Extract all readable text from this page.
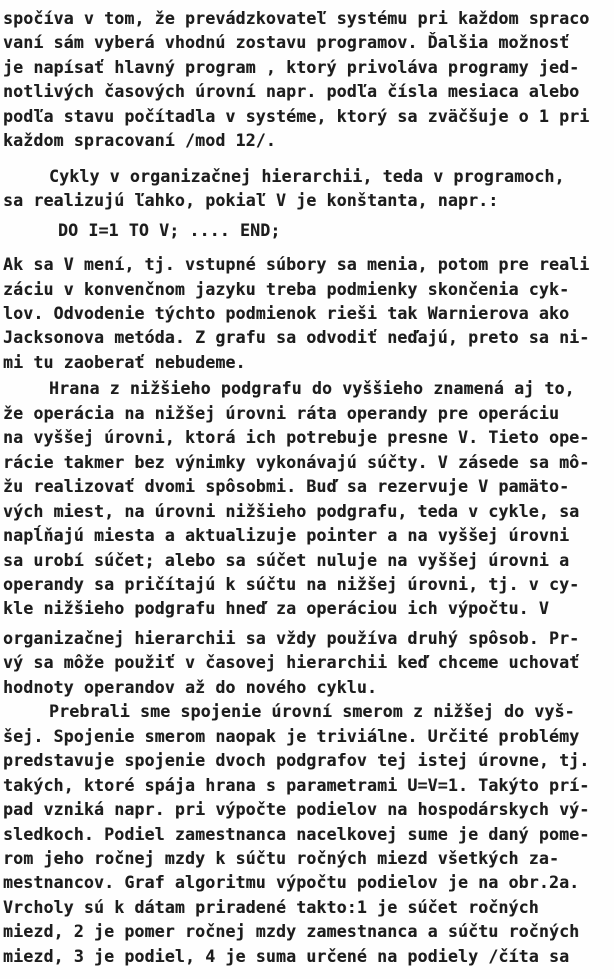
spočíva v tom, že prevádzkovateľ systému pri každom spraco
vaní sám vyberá vhodnú zostavu programov. Ďalšia možnosť
je napísať hlavný program , ktorý privoláva programy jed-
notlivých časových úrovní napr. podľa čísla mesiaca alebo
podľa stavu počítadla v systéme, ktorý sa zväčšuje o 1 pri
každom spracovaní /mod 12/.
Cykly v organizačnej hierarchii, teda v programoch,
sa realizujú ľahko, pokiaľ V je konštanta, napr.:
DO I=1 TO V; .... END;
Ak sa V mení, tj. vstupné súbory sa menia, potom pre reali
záciu v konvenčnom jazyku treba podmienky skončenia cyk-
lov. Odvodenie týchto podmienok rieši tak Warnierova ako
Jacksonova metóda. Z grafu sa odvodiť neďajú, preto sa ni-
mi tu zaoberať nebudeme.
Hrana z nižšieho podgrafu do vyššieho znamená aj to,
že operácia na nižšej úrovni ráta operandy pre operáciu
na vyššej úrovni, ktorá ich potrebuje presne V. Tieto ope-
rácie takmer bez výnimky vykonávajú súčty. V zásede sa mô-
žu realizovať dvomi spôsobmi. Buď sa rezervuje V pamäto-
vých miest, na úrovni nižšieho podgrafu, teda v cykle, sa
napĺňajú miesta a aktualizuje pointer a na vyššej úrovni
sa urobí súčet; alebo sa súčet nuluje na vyššej úrovni a
operandy sa pričítajú k súčtu na nižšej úrovni, tj. v cy-
kle nižšieho podgrafu hneď za operáciou ich výpočtu. V
organizačnej hierarchii sa vždy používa druhý spôsob. Pr-
vý sa môže použiť v časovej hierarchii keď chceme uchovať
hodnoty operandov až do nového cyklu.
Prebrali sme spojenie úrovní smerom z nižšej do vyš-
šej. Spojenie smerom naopak je triviálne. Určité problémy
predstavuje spojenie dvoch podgrafov tej istej úrovne, tj.
takých, ktoré spája hrana s parametrami U=V=1. Takýto prí-
pad vzniká napr. pri výpočte podielov na hospodárskych vý-
sledkoch. Podiel zamestnanca nacelkovej sume je daný pome-
rom jeho ročnej mzdy k súčtu ročných miezd všetkých za-
mestnancov. Graf algoritmu výpočtu podielov je na obr.2a.
Vrcholy sú k dátam priradené takto:1 je súčet ročných
miezd, 2 je pomer ročnej mzdy zamestnanca a súčtu ročných
miezd, 3 je podiel, 4 je suma určené na podiely /číta sa
